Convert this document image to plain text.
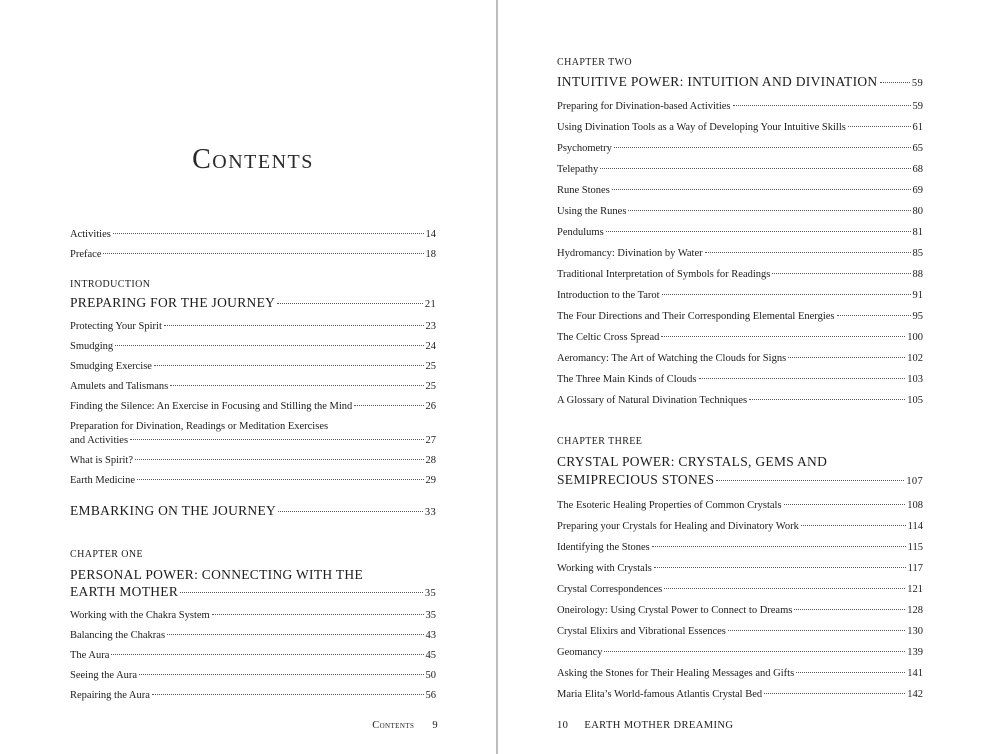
Contents
Activities	14
Preface	18
INTRODUCTION
PREPARING FOR THE JOURNEY	21
Protecting Your Spirit	23
Smudging	24
Smudging Exercise	25
Amulets and Talismans	25
Finding the Silence: An Exercise in Focusing and Stilling the Mind	26
Preparation for Divination, Readings or Meditation Exercises
and Activities	27
What is Spirit?	28
Earth Medicine	29
EMBARKING ON THE JOURNEY	33
CHAPTER ONE
PERSONAL POWER: CONNECTING WITH THE
EARTH MOTHER	35
Working with the Chakra System	35
Balancing the Chakras	43
The Aura	45
Seeing the Aura	50
Repairing the Aura	56
Contents 9
CHAPTER TWO
INTUITIVE POWER: INTUITION AND DIVINATION	59
Preparing for Divination-based Activities	59
Using Divination Tools as a Way of Developing Your Intuitive Skills	61
Psychometry	65
Telepathy	68
Rune Stones	69
Using the Runes	80
Pendulums	81
Hydromancy: Divination by Water	85
Traditional Interpretation of Symbols for Readings	88
Introduction to the Tarot	91
The Four Directions and Their Corresponding Elemental Energies	95
The Celtic Cross Spread	100
Aeromancy: The Art of Watching the Clouds for Signs	102
The Three Main Kinds of Clouds	103
A Glossary of Natural Divination Techniques	105
CHAPTER THREE
CRYSTAL POWER: CRYSTALS, GEMS AND
SEMIPRECIOUS STONES	107
The Esoteric Healing Properties of Common Crystals	108
Preparing your Crystals for Healing and Divinatory Work	114
Identifying the Stones	115
Working with Crystals	117
Crystal Correspondences	121
Oneirology: Using Crystal Power to Connect to Dreams	128
Crystal Elixirs and Vibrational Essences	130
Geomancy	139
Asking the Stones for Their Healing Messages and Gifts	141
Maria Elita’s World-famous Atlantis Crystal Bed	142
10 EARTH MOTHER DREAMING
